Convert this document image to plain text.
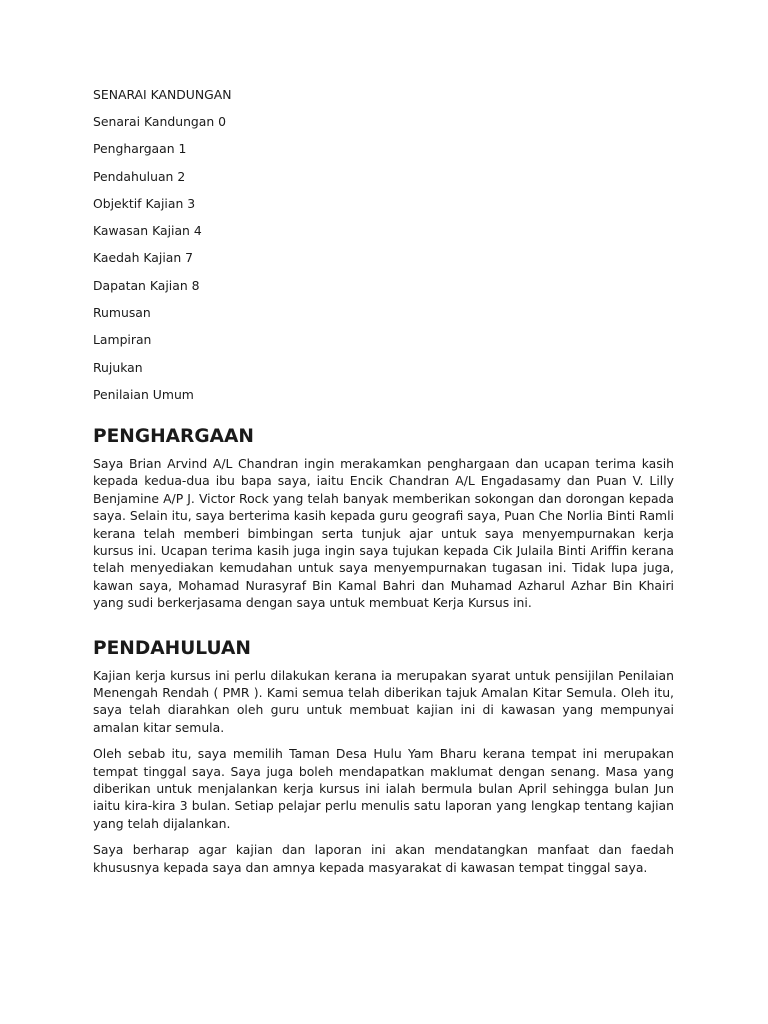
SENARAI KANDUNGAN

Senarai Kandungan 0
Penghargaan 1
Pendahuluan 2
Objektif Kajian 3
Kawasan Kajian 4
Kaedah Kajian 7
Dapatan Kajian 8
Rumusan
Lampiran
Rujukan
Penilaian Umum
PENGHARGAAN

Saya Brian Arvind A/L Chandran ingin merakamkan penghargaan dan ucapan terima kasih kepada kedua-dua ibu bapa saya, iaitu Encik Chandran A/L Engadasamy dan Puan V. Lilly Benjamine A/P J. Victor Rock yang telah banyak memberikan sokongan dan dorongan kepada saya. Selain itu, saya berterima kasih kepada guru geografi saya, Puan Che Norlia Binti Ramli kerana telah memberi bimbingan serta tunjuk ajar untuk saya menyempurnakan kerja kursus ini. Ucapan terima kasih juga ingin saya tujukan kepada Cik Julaila Binti Ariffin kerana telah menyediakan kemudahan untuk saya menyempurnakan tugasan ini. Tidak lupa juga, kawan saya, Mohamad Nurasyraf Bin Kamal Bahri dan Muhamad Azharul Azhar Bin Khairi yang sudi berkerjasama dengan saya untuk membuat Kerja Kursus ini.

PENDAHULUAN

Kajian kerja kursus ini perlu dilakukan kerana ia merupakan syarat untuk pensijilan Penilaian Menengah Rendah ( PMR ). Kami semua telah diberikan tajuk Amalan Kitar Semula. Oleh itu, saya telah diarahkan oleh guru untuk membuat kajian ini di kawasan yang mempunyai amalan kitar semula.

Oleh sebab itu, saya memilih Taman Desa Hulu Yam Bharu kerana tempat ini merupakan tempat tinggal saya. Saya juga boleh mendapatkan maklumat dengan senang. Masa yang diberikan untuk menjalankan kerja kursus ini ialah bermula bulan April sehingga bulan Jun iaitu kira-kira 3 bulan. Setiap pelajar perlu menulis satu laporan yang lengkap tentang kajian yang telah dijalankan.

Saya berharap agar kajian dan laporan ini akan mendatangkan manfaat dan faedah khususnya kepada saya dan amnya kepada masyarakat di kawasan tempat tinggal saya.
